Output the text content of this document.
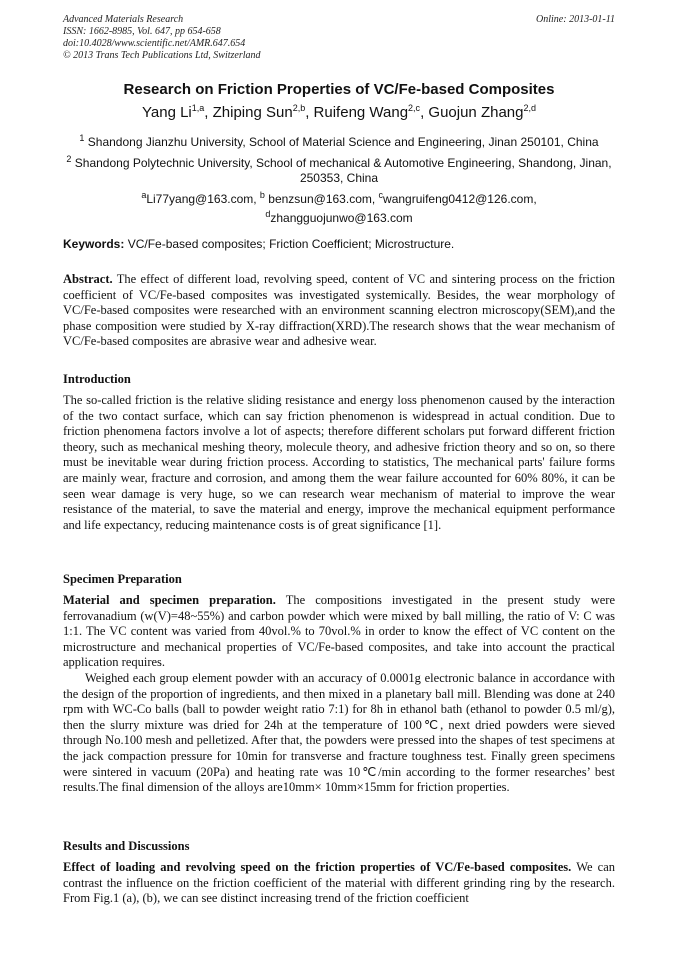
Advanced Materials Research
ISSN: 1662-8985, Vol. 647, pp 654-658
doi:10.4028/www.scientific.net/AMR.647.654
© 2013 Trans Tech Publications Ltd, Switzerland
Online: 2013-01-11
Research on Friction Properties of VC/Fe-based Composites
Yang Li$^{1,a}$, Zhiping Sun$^{2,b}$, Ruifeng Wang$^{2,c}$, Guojun Zhang$^{2,d}$
$^1$ Shandong Jianzhu University, School of Material Science and Engineering, Jinan 250101, China
$^2$ Shandong Polytechnic University, School of mechanical & Automotive Engineering, Shandong, Jinan, 250353, China
$^a$Li77yang@163.com, $^b$ benzsun@163.com, $^c$wangruifeng0412@126.com,
$^d$zhangguojunwo@163.com
Keywords: VC/Fe-based composites; Friction Coefficient; Microstructure.
Abstract. The effect of different load, revolving speed, content of VC and sintering process on the friction coefficient of VC/Fe-based composites was investigated systemically. Besides, the wear morphology of VC/Fe-based composites were researched with an environment scanning electron microscopy(SEM),and the phase composition were studied by X-ray diffraction(XRD).The research shows that the wear mechanism of VC/Fe-based composites are abrasive wear and adhesive wear.
Introduction
The so-called friction is the relative sliding resistance and energy loss phenomenon caused by the interaction of the two contact surface, which can say friction phenomenon is widespread in actual condition. Due to friction phenomena factors involve a lot of aspects; therefore different scholars put forward different friction theory, such as mechanical meshing theory, molecule theory, and adhesive friction theory and so on, so there must be inevitable wear during friction process. According to statistics, The mechanical parts' failure forms are mainly wear, fracture and corrosion, and among them the wear failure accounted for 60% 80%, it can be seen wear damage is very huge, so we can research wear mechanism of material to improve the wear resistance of the material, to save the material and energy, improve the mechanical equipment performance and life expectancy, reducing maintenance costs is of great significance [1].
Specimen Preparation
Material and specimen preparation. The compositions investigated in the present study were ferrovanadium (w(V)=48~55%) and carbon powder which were mixed by ball milling, the ratio of V: C was 1:1. The VC content was varied from 40vol.% to 70vol.% in order to know the effect of VC content on the microstructure and mechanical properties of VC/Fe-based composites, and take into account the practical application requires.
Weighed each group element powder with an accuracy of 0.0001g electronic balance in accordance with the design of the proportion of ingredients, and then mixed in a planetary ball mill. Blending was done at 240 rpm with WC-Co balls (ball to powder weight ratio 7:1) for 8h in ethanol bath (ethanol to powder 0.5 ml/g), then the slurry mixture was dried for 24h at the temperature of 100℃, next dried powders were sieved through No.100 mesh and pelletized. After that, the powders were pressed into the shapes of test specimens at the jack compaction pressure for 10min for transverse and fracture toughness test. Finally green specimens were sintered in vacuum (20Pa) and heating rate was 10℃/min according to the former researches’ best results.The final dimension of the alloys are10mm× 10mm×15mm for friction properties.
Results and Discussions
Effect of loading and revolving speed on the friction properties of VC/Fe-based composites. We can contrast the influence on the friction coefficient of the material with different grinding ring by the research. From Fig.1 (a), (b), we can see distinct increasing trend of the friction coefficient
